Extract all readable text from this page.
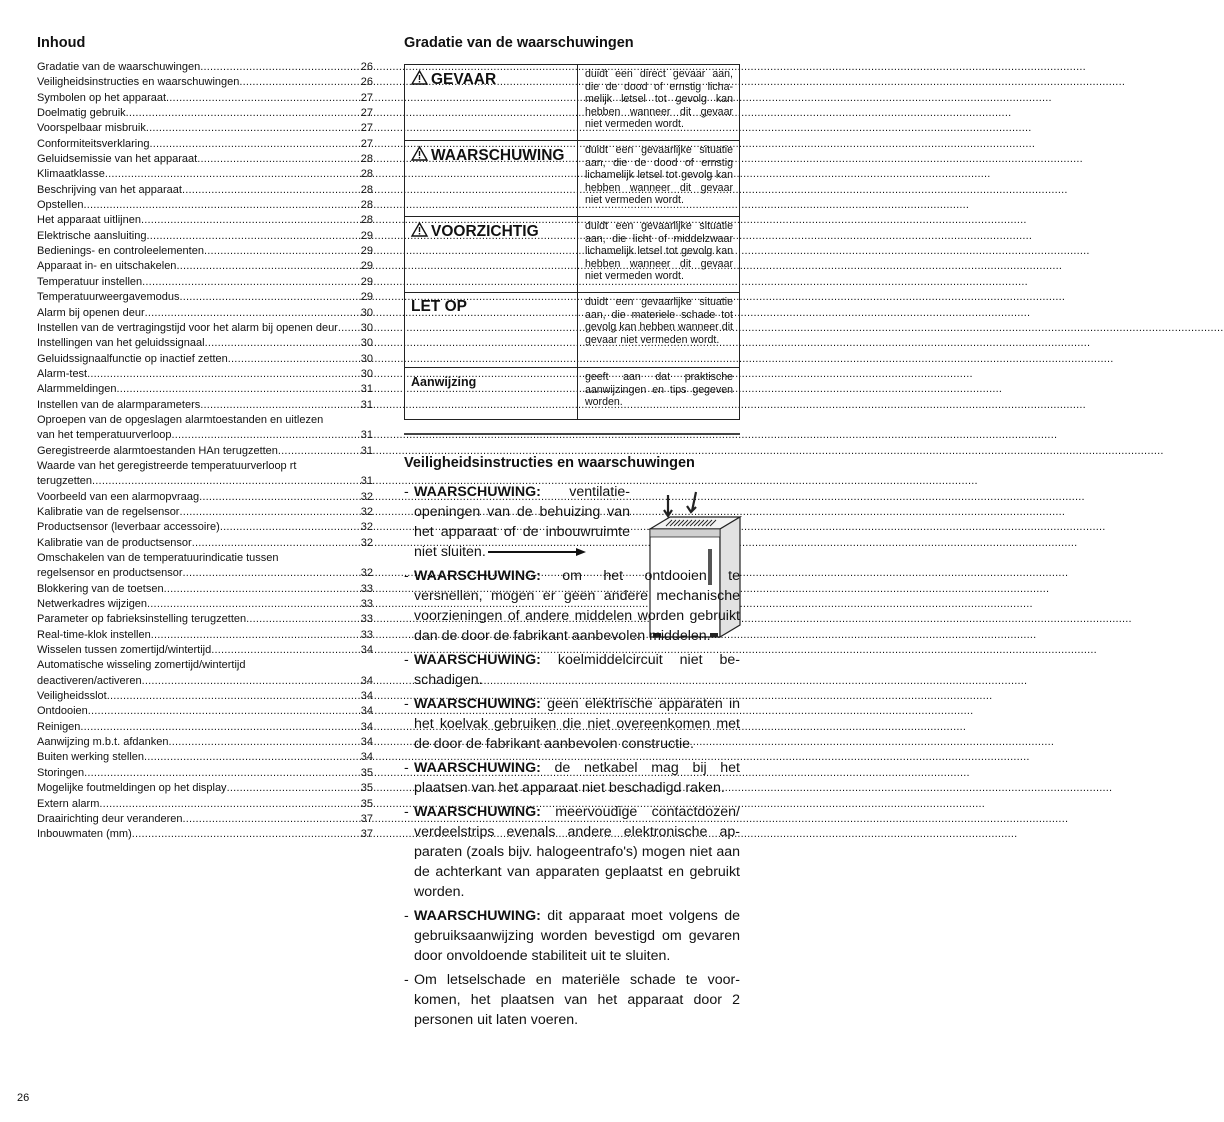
Inhoud
Gradatie van de waarschuwingen .....	26
Veiligheidsinstructies en waarschuwingen .....	26
Symbolen op het apparaat .....	27
Doelmatig gebruik .....	27
Voorspelbaar misbruik .....	27
Conformiteitsverklaring .....	27
Geluidsemissie van het apparaat .....	28
Klimaatklasse .....	28
Beschrijving van het apparaat .....	28
Opstellen .....	28
Het apparaat uitlijnen .....	28
Elektrische aansluiting .....	29
Bedienings- en controleelementen .....	29
Apparaat in- en uitschakelen .....	29
Temperatuur instellen .....	29
Temperatuurweergavemodus .....	29
Alarm bij openen deur .....	30
Instellen van de vertragingstijd voor het alarm bij openen deur ..... 30
Instellingen van het geluidssignaal .....	30
Geluidssignaalfunctie op inactief zetten .....	30
Alarm-test .....	30
Alarmmeldingen .....	31
Instellen van de alarmparameters .....	31
Oproepen van de opgeslagen alarmtoestanden en uitlezen
van het temperatuurverloop .....	31
Geregistreerde alarmtoestanden HAn terugzetten .....	31
Waarde van het geregistreerde temperatuurverloop rt
terugzetten .....	31
Voorbeeld van een alarmopvraag .....	32
Kalibratie van de regelsensor .....	32
Productsensor (leverbaar accessoire) .....	32
Kalibratie van de productsensor .....	32
Omschakelen van de temperatuurindicatie tussen
regelsensor en productsensor .....	32
Blokkering van de toetsen .....	33
Netwerkadres wijzigen .....	33
Parameter op fabrieksinstelling terugzetten .....	33
Real-time-klok instellen .....	33
Wisselen tussen zomertijd/wintertijd .....	34
Automatische wisseling zomertijd/wintertijd
deactiveren/activeren .....	34
Veiligheidsslot .....	34
Ontdooien .....	34
Reinigen .....	34
Aanwijzing m.b.t. afdanken .....	34
Buiten werking stellen .....	34
Storingen .....	35
Mogelijke foutmeldingen op het display .....	35
Extern alarm .....	35
Draairichting deur veranderen .....	37
Inbouwmaten (mm) .....	37
Gradatie van de waarschuwingen
GEVAAR	duidt een direct gevaar aan, die de dood of ernstig lichamelijk letsel tot gevolg kan hebben wanneer dit gevaar niet vermeden wordt.
WAARSCHUWING	duidt een gevaarlijke situatie aan, die de dood of ernstig lichamelijk letsel tot gevolg kan hebben wanneer dit gevaar niet vermeden wordt.
VOORZICHTIG	duidt een gevaarlijke situatie aan, die licht of middelzwaar lichamelijk letsel tot gevolg kan hebben wanneer dit gevaar niet vermeden wordt.
LET OP	duidt een gevaarlijke situatie aan, die materiele schade tot gevolg kan hebben wanneer dit gevaar niet vermeden wordt.
Aanwijzing	geeft aan dat praktische aanwijzingen en tips gegeven worden.
Veiligheidsinstructies en waarschuwingen
- WAARSCHUWING: ventilatieopeningen van de behuizing van het apparaat of de inbouwruimte niet sluiten.
- WAARSCHUWING: om het ontdooien te versnellen, mogen er geen andere mechanische voorzieningen of andere middelen worden gebruikt dan de door de fabrikant aanbevolen middelen.
- WAARSCHUWING: koelmiddelcircuit niet beschadigen.
- WAARSCHUWING: geen elektrische apparaten in het koelvak gebruiken die niet overeenkomen met de door de fabrikant aanbevolen constructie.
- WAARSCHUWING: de netkabel mag bij het plaatsen van het apparaat niet beschadigd raken.
- WAARSCHUWING: meervoudige contactdozen/ verdeelstrips evenals andere elektronische apparaten (zoals bijv. halogeentrafo's) mogen niet aan de achterkant van apparaten geplaatst en gebruikt worden.
- WAARSCHUWING: dit apparaat moet volgens de gebruiksaanwijzing worden bevestigd om gevaren door onvoldoende stabiliteit uit te sluiten.
- Om letselschade en materiële schade te voorkomen, het plaatsen van het apparaat door 2 personen uit laten voeren.
26
